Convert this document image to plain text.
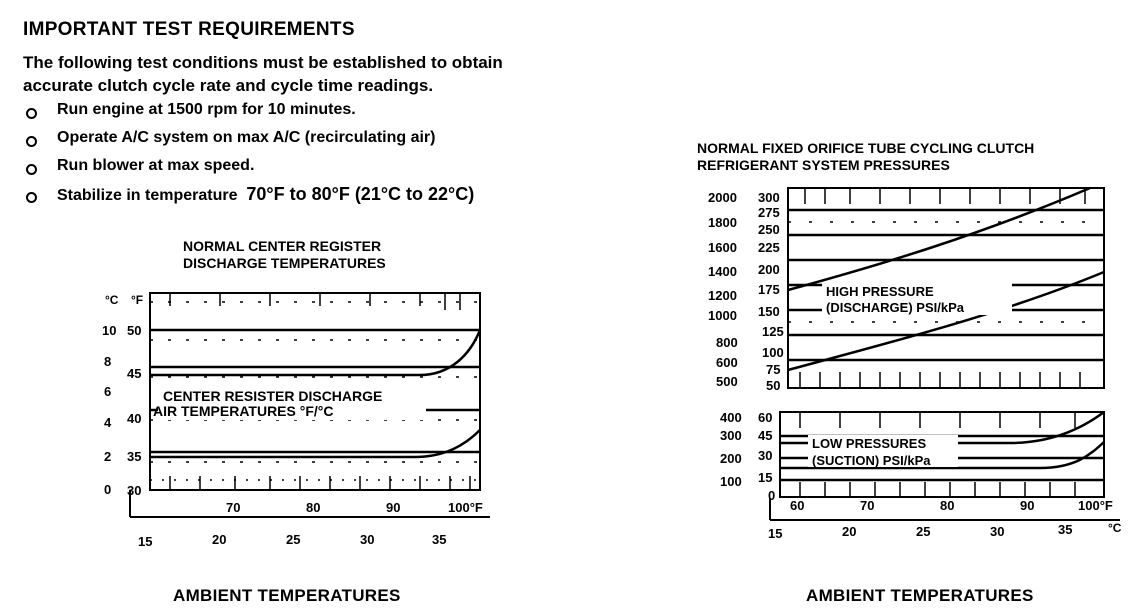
IMPORTANT TEST REQUIREMENTS
The following test conditions must be established to obtain
accurate clutch cycle rate and cycle time readings.
Run engine at 1500 rpm for 10 minutes.
Operate A/C system on max A/C (recirculating air)
Run blower at max speed.
Stabilize in temperature 70°F to 80°F (21°C to 22°C)
NORMAL CENTER REGISTER
DISCHARGE TEMPERATURES
°C °F
10
8
6
4
2
0
50
45
40
35
30
CENTER RESISTER DISCHARGE
AIR TEMPERATURES °F/°C
70	80	90	100°F
15	20	25	30	35
AMBIENT TEMPERATURES
NORMAL FIXED ORIFICE TUBE CYCLING CLUTCH
REFRIGERANT SYSTEM PRESSURES
2000
1800
1600
1400
1200
1000
800
600
500
300
275
250
225
200
175
150
125
100
75
50
HIGH PRESSURE
(DISCHARGE) PSI/kPa
400
300
200
100
60
45
30
15
0
LOW PRESSURES
(SUCTION) PSI/kPa
60	70	80	90	100°F
15	20	25	30	35	°C
AMBIENT TEMPERATURES
